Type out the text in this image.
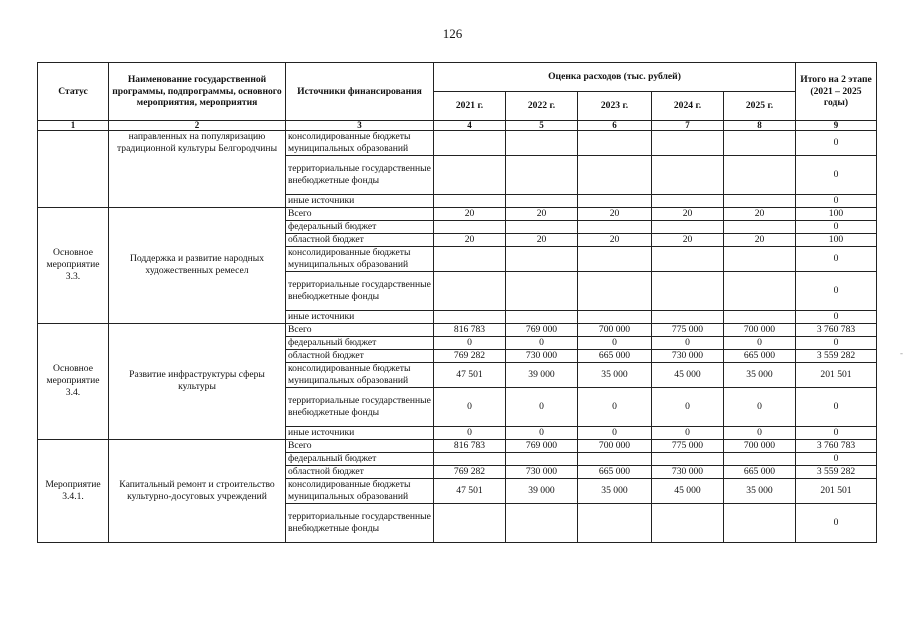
126
Статус	Наименование государственной программы, подпрограммы, основного мероприятия, мероприятия	Источники финансирования	Оценка расходов (тыс. рублей)					Итого на 2 этапе (2021 – 2025 годы)
			2021 г.	2022 г.	2023 г.	2024 г.	2025 г.	
1	2	3	4	5	6	7	8	9
	направленных на популяризацию традиционной культуры Белгородчины	консолидированные бюджеты муниципальных образований						0
		территориальные государственные внебюджетные фонды						0
		иные источники						0
Основное мероприятие 3.3.	Поддержка и развитие народных художественных ремесел	Всего	20	20	20	20	20	100
		федеральный бюджет						0
		областной бюджет	20	20	20	20	20	100
		консолидированные бюджеты муниципальных образований						0
		территориальные государственные внебюджетные фонды						0
		иные источники						0
Основное мероприятие 3.4.	Развитие инфраструктуры сферы культуры	Всего	816 783	769 000	700 000	775 000	700 000	3 760 783
		федеральный бюджет	0	0	0	0	0	0
		областной бюджет	769 282	730 000	665 000	730 000	665 000	3 559 282
		консолидированные бюджеты муниципальных образований	47 501	39 000	35 000	45 000	35 000	201 501
		территориальные государственные внебюджетные фонды	0	0	0	0	0	0
		иные источники	0	0	0	0	0	0
Мероприятие 3.4.1.	Капитальный ремонт и строительство культурно-досуговых учреждений	Всего	816 783	769 000	700 000	775 000	700 000	3 760 783
		федеральный бюджет						0
		областной бюджет	769 282	730 000	665 000	730 000	665 000	3 559 282
		консолидированные бюджеты муниципальных образований	47 501	39 000	35 000	45 000	35 000	201 501
		территориальные государственные внебюджетные фонды						0
-
